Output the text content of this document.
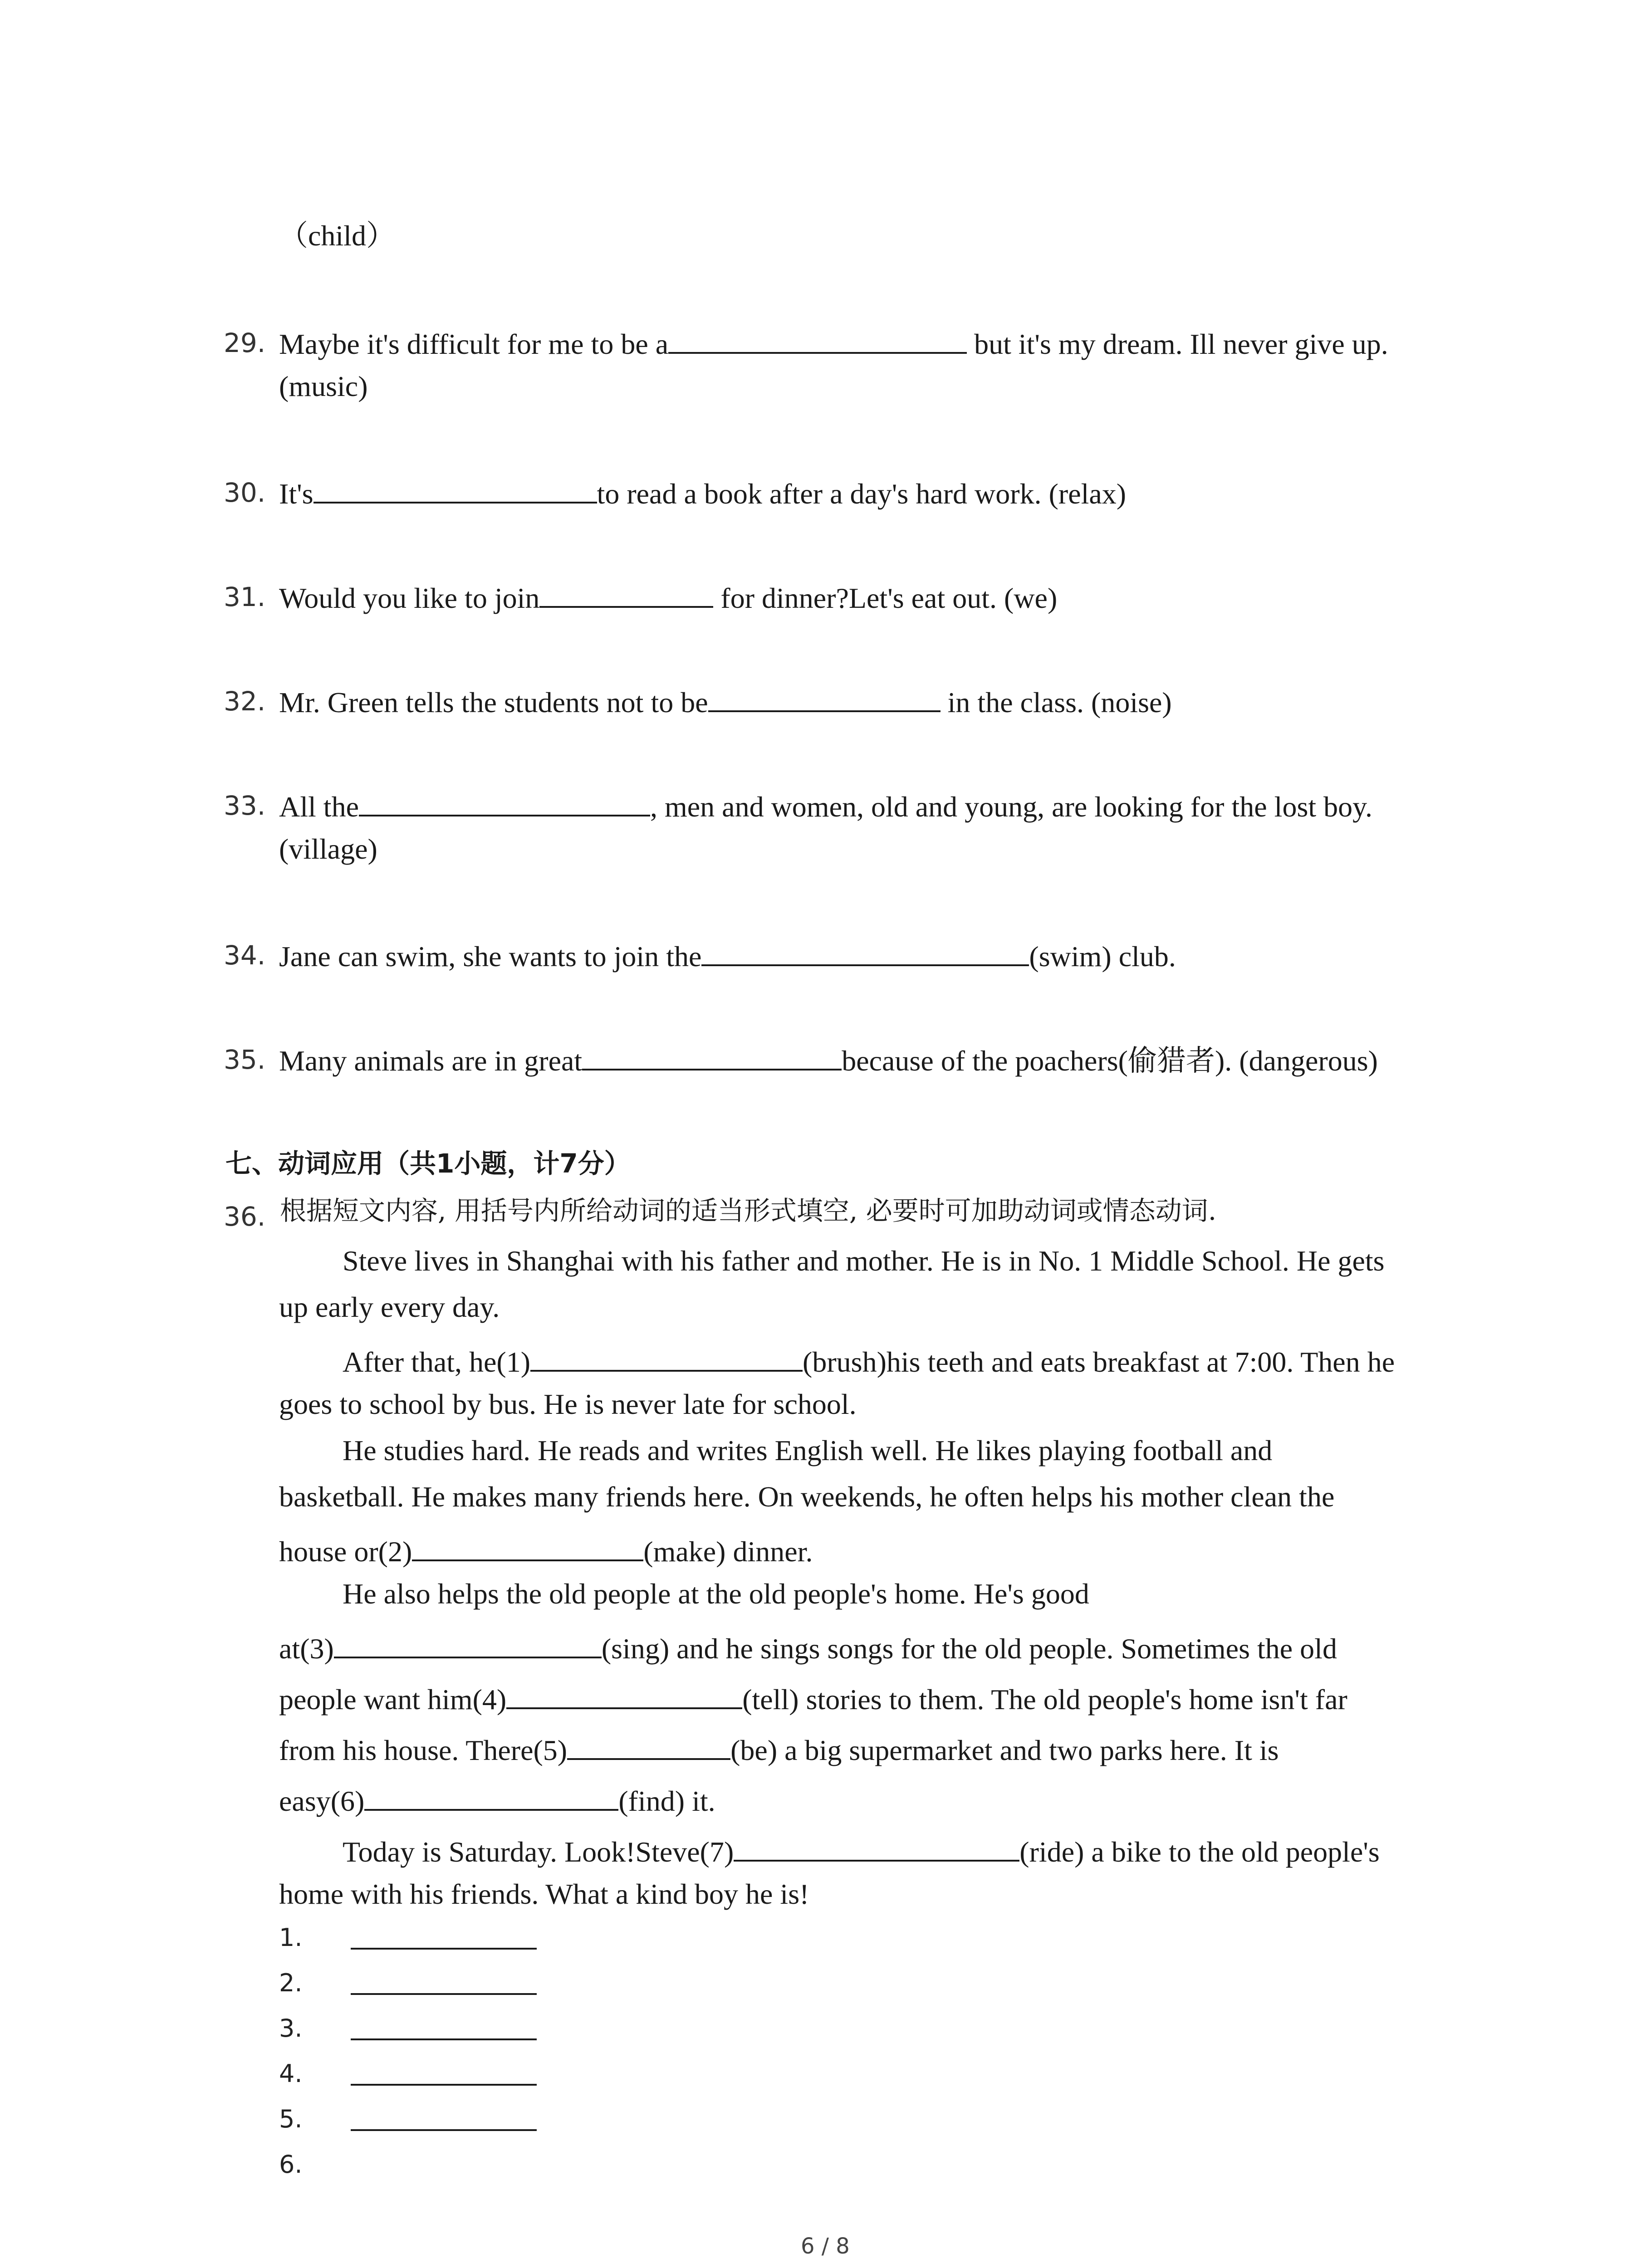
（child）
29. Maybe it's difficult for me to be a	but it's my dream. Ill never give up.
(music)
30. It's	to read a book after a day's hard work. (relax)
31. Would you like to join	for dinner?Let's eat out. (we)
32. Mr. Green tells the students not to be	in the class. (noise)
33. All the	, men and women, old and young, are looking for the lost boy.
(village)
34. Jane can swim, she wants to join the	(swim) club.
35. Many animals are in great	because of the poachers(偷猎者). (dangerous)
七、动词应用（共1小题，计7分）
36. 根据短文内容, 用括号内所给动词的适当形式填空, 必要时可加助动词或情态动词.
Steve lives in Shanghai with his father and mother. He is in No. 1 Middle School. He gets
up early every day.
After that, he(1)	(brush)his teeth and eats breakfast at 7:00. Then he
goes to school by bus. He is never late for school.
He studies hard. He reads and writes English well. He likes playing football and
basketball. He makes many friends here. On weekends, he often helps his mother clean the
house or(2)	(make) dinner.
He also helps the old people at the old people's home. He's good
at(3)	(sing) and he sings songs for the old people. Sometimes the old
people want him(4)	(tell) stories to them. The old people's home isn't far
from his house. There(5)	(be) a big supermarket and two parks here. It is
easy(6)	(find) it.
Today is Saturday. Look!Steve(7)	(ride) a bike to the old people's
home with his friends. What a kind boy he is!
1.
2.
3.
4.
5.
6.
6 / 8
